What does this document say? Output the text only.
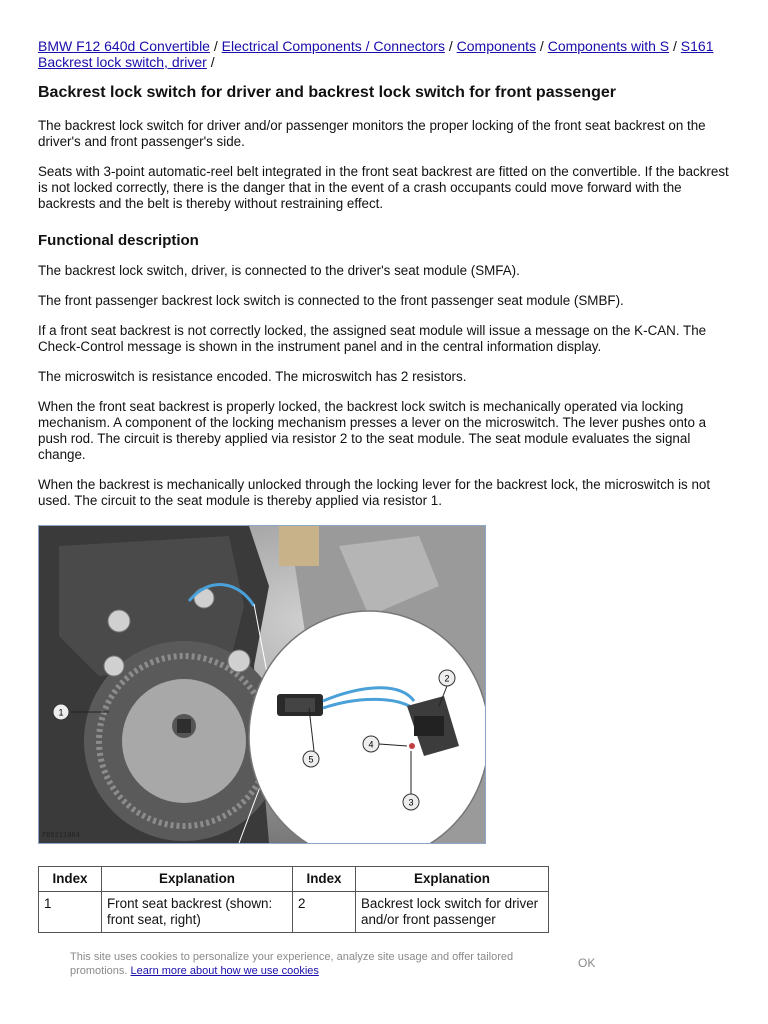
BMW F12 640d Convertible / Electrical Components / Connectors / Components / Components with S / S161 Backrest lock switch, driver /
Backrest lock switch for driver and backrest lock switch for front passenger

The backrest lock switch for driver and/or passenger monitors the proper locking of the front seat backrest on the driver's and front passenger's side.

Seats with 3-point automatic-reel belt integrated in the front seat backrest are fitted on the convertible. If the backrest is not locked correctly, there is the danger that in the event of a crash occupants could move forward with the backrests and the belt is thereby without restraining effect.

Functional description

The backrest lock switch, driver, is connected to the driver's seat module (SMFA).

The front passenger backrest lock switch is connected to the front passenger seat module (SMBF).

If a front seat backrest is not correctly locked, the assigned seat module will issue a message on the K-CAN. The Check-Control message is shown in the instrument panel and in the central information display.

The microswitch is resistance encoded. The microswitch has 2 resistors.

When the front seat backrest is properly locked, the backrest lock switch is mechanically operated via locking mechanism. A component of the locking mechanism presses a lever on the microswitch. The lever pushes onto a push rod. The circuit is thereby applied via resistor 2 to the seat module. The seat module evaluates the signal change.

When the backrest is mechanically unlocked through the locking lever for the backrest lock, the microswitch is not used. The circuit to the seat module is thereby applied via resistor 1.

1
2
3
4
5
FB5211064
Index	Explanation	Index	Explanation
1	Front seat backrest (shown: front seat, right)	2	Backrest lock switch for driver and/or front passenger
This site uses cookies to personalize your experience, analyze site usage and offer tailored promotions. Learn more about how we use cookies
OK
